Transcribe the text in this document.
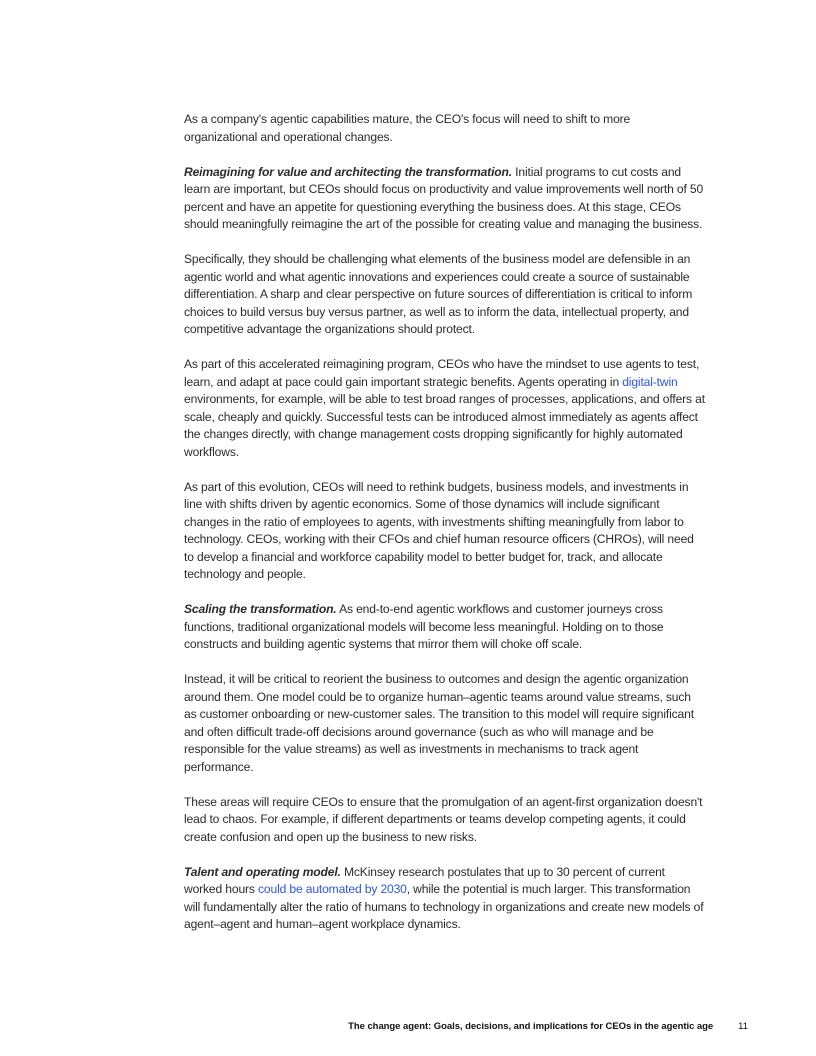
As a company's agentic capabilities mature, the CEO's focus will need to shift to more organizational and operational changes.

Reimagining for value and architecting the transformation. Initial programs to cut costs and learn are important, but CEOs should focus on productivity and value improvements well north of 50 percent and have an appetite for questioning everything the business does. At this stage, CEOs should meaningfully reimagine the art of the possible for creating value and managing the business.

Specifically, they should be challenging what elements of the business model are defensible in an agentic world and what agentic innovations and experiences could create a source of sustainable differentiation. A sharp and clear perspective on future sources of differentiation is critical to inform choices to build versus buy versus partner, as well as to inform the data, intellectual property, and competitive advantage the organizations should protect.

As part of this accelerated reimagining program, CEOs who have the mindset to use agents to test, learn, and adapt at pace could gain important strategic benefits. Agents operating in digital-twin environments, for example, will be able to test broad ranges of processes, applications, and offers at scale, cheaply and quickly. Successful tests can be introduced almost immediately as agents affect the changes directly, with change management costs dropping significantly for highly automated workflows.

As part of this evolution, CEOs will need to rethink budgets, business models, and investments in line with shifts driven by agentic economics. Some of those dynamics will include significant changes in the ratio of employees to agents, with investments shifting meaningfully from labor to technology. CEOs, working with their CFOs and chief human resource officers (CHROs), will need to develop a financial and workforce capability model to better budget for, track, and allocate technology and people.

Scaling the transformation. As end-to-end agentic workflows and customer journeys cross functions, traditional organizational models will become less meaningful. Holding on to those constructs and building agentic systems that mirror them will choke off scale.

Instead, it will be critical to reorient the business to outcomes and design the agentic organization around them. One model could be to organize human–agentic teams around value streams, such as customer onboarding or new-customer sales. The transition to this model will require significant and often difficult trade-off decisions around governance (such as who will manage and be responsible for the value streams) as well as investments in mechanisms to track agent performance.

These areas will require CEOs to ensure that the promulgation of an agent-first organization doesn't lead to chaos. For example, if different departments or teams develop competing agents, it could create confusion and open up the business to new risks.

Talent and operating model. McKinsey research postulates that up to 30 percent of current worked hours could be automated by 2030, while the potential is much larger. This transformation will fundamentally alter the ratio of humans to technology in organizations and create new models of agent–agent and human–agent workplace dynamics.

The change agent: Goals, decisions, and implications for CEOs in the agentic age	11
